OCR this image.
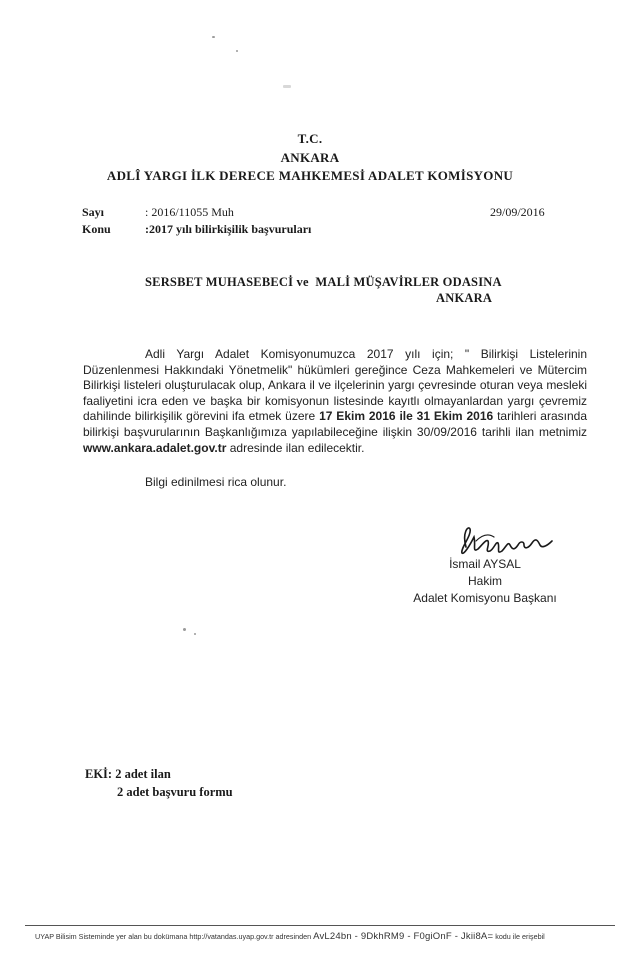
T.C.
ANKARA
ADLÎ YARGI İLK DERECE MAHKEMESİ ADALET KOMİSYONU
Sayı	: 2016/11055 Muh	29/09/2016
Konu	:2017 yılı bilirkişilik başvuruları
SERSBET MUHASEBECİ ve  MALİ MÜŞAVİRLER ODASINA
ANKARA
Adli Yargı Adalet Komisyonumuzca 2017 yılı için; " Bilirkişi Listelerinin Düzenlenmesi Hakkındaki Yönetmelik" hükümleri gereğince Ceza Mahkemeleri ve Mütercim Bilirkişi listeleri oluşturulacak olup, Ankara il ve ilçelerinin yargı çevresinde oturan veya mesleki faaliyetini icra eden ve başka bir komisyonun listesinde kayıtlı olmayanlardan yargı çevremiz dahilinde bilirkişilik görevini ifa etmek üzere 17 Ekim 2016 ile 31 Ekim 2016 tarihleri arasında bilirkişi başvurularının Başkanlığımıza yapılabileceğine ilişkin 30/09/2016 tarihli ilan metnimiz www.ankara.adalet.gov.tr adresinde ilan edilecektir.
Bilgi edinilmesi rica olunur.
İsmail AYSAL
Hakim
Adalet Komisyonu Başkanı
EKİ: 2 adet ilan
2 adet başvuru formu
UYAP Bilisim Sisteminde yer alan bu dokümana http://vatandas.uyap.gov.tr adresinden AvL24bn - 9DkhRM9 - F0giOnF - Jkii8A= kodu ile erişebil
